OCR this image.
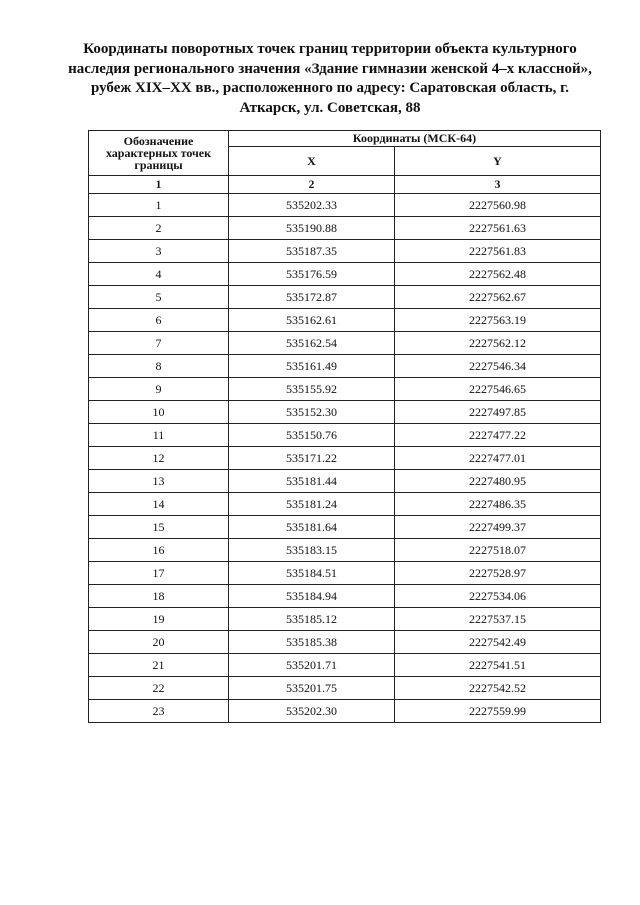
Координаты поворотных точек границ территории объекта культурного наследия регионального значения «Здание гимназии женской 4–х классной», рубеж XIX–XX вв., расположенного по адресу: Саратовская область, г. Аткарск, ул. Советская, 88
Обозначение характерных точек границы	Координаты (МСК-64)	
	X	Y
1	2	3
1	535202.33	2227560.98
2	535190.88	2227561.63
3	535187.35	2227561.83
4	535176.59	2227562.48
5	535172.87	2227562.67
6	535162.61	2227563.19
7	535162.54	2227562.12
8	535161.49	2227546.34
9	535155.92	2227546.65
10	535152.30	2227497.85
11	535150.76	2227477.22
12	535171.22	2227477.01
13	535181.44	2227480.95
14	535181.24	2227486.35
15	535181.64	2227499.37
16	535183.15	2227518.07
17	535184.51	2227528.97
18	535184.94	2227534.06
19	535185.12	2227537.15
20	535185.38	2227542.49
21	535201.71	2227541.51
22	535201.75	2227542.52
23	535202.30	2227559.99
